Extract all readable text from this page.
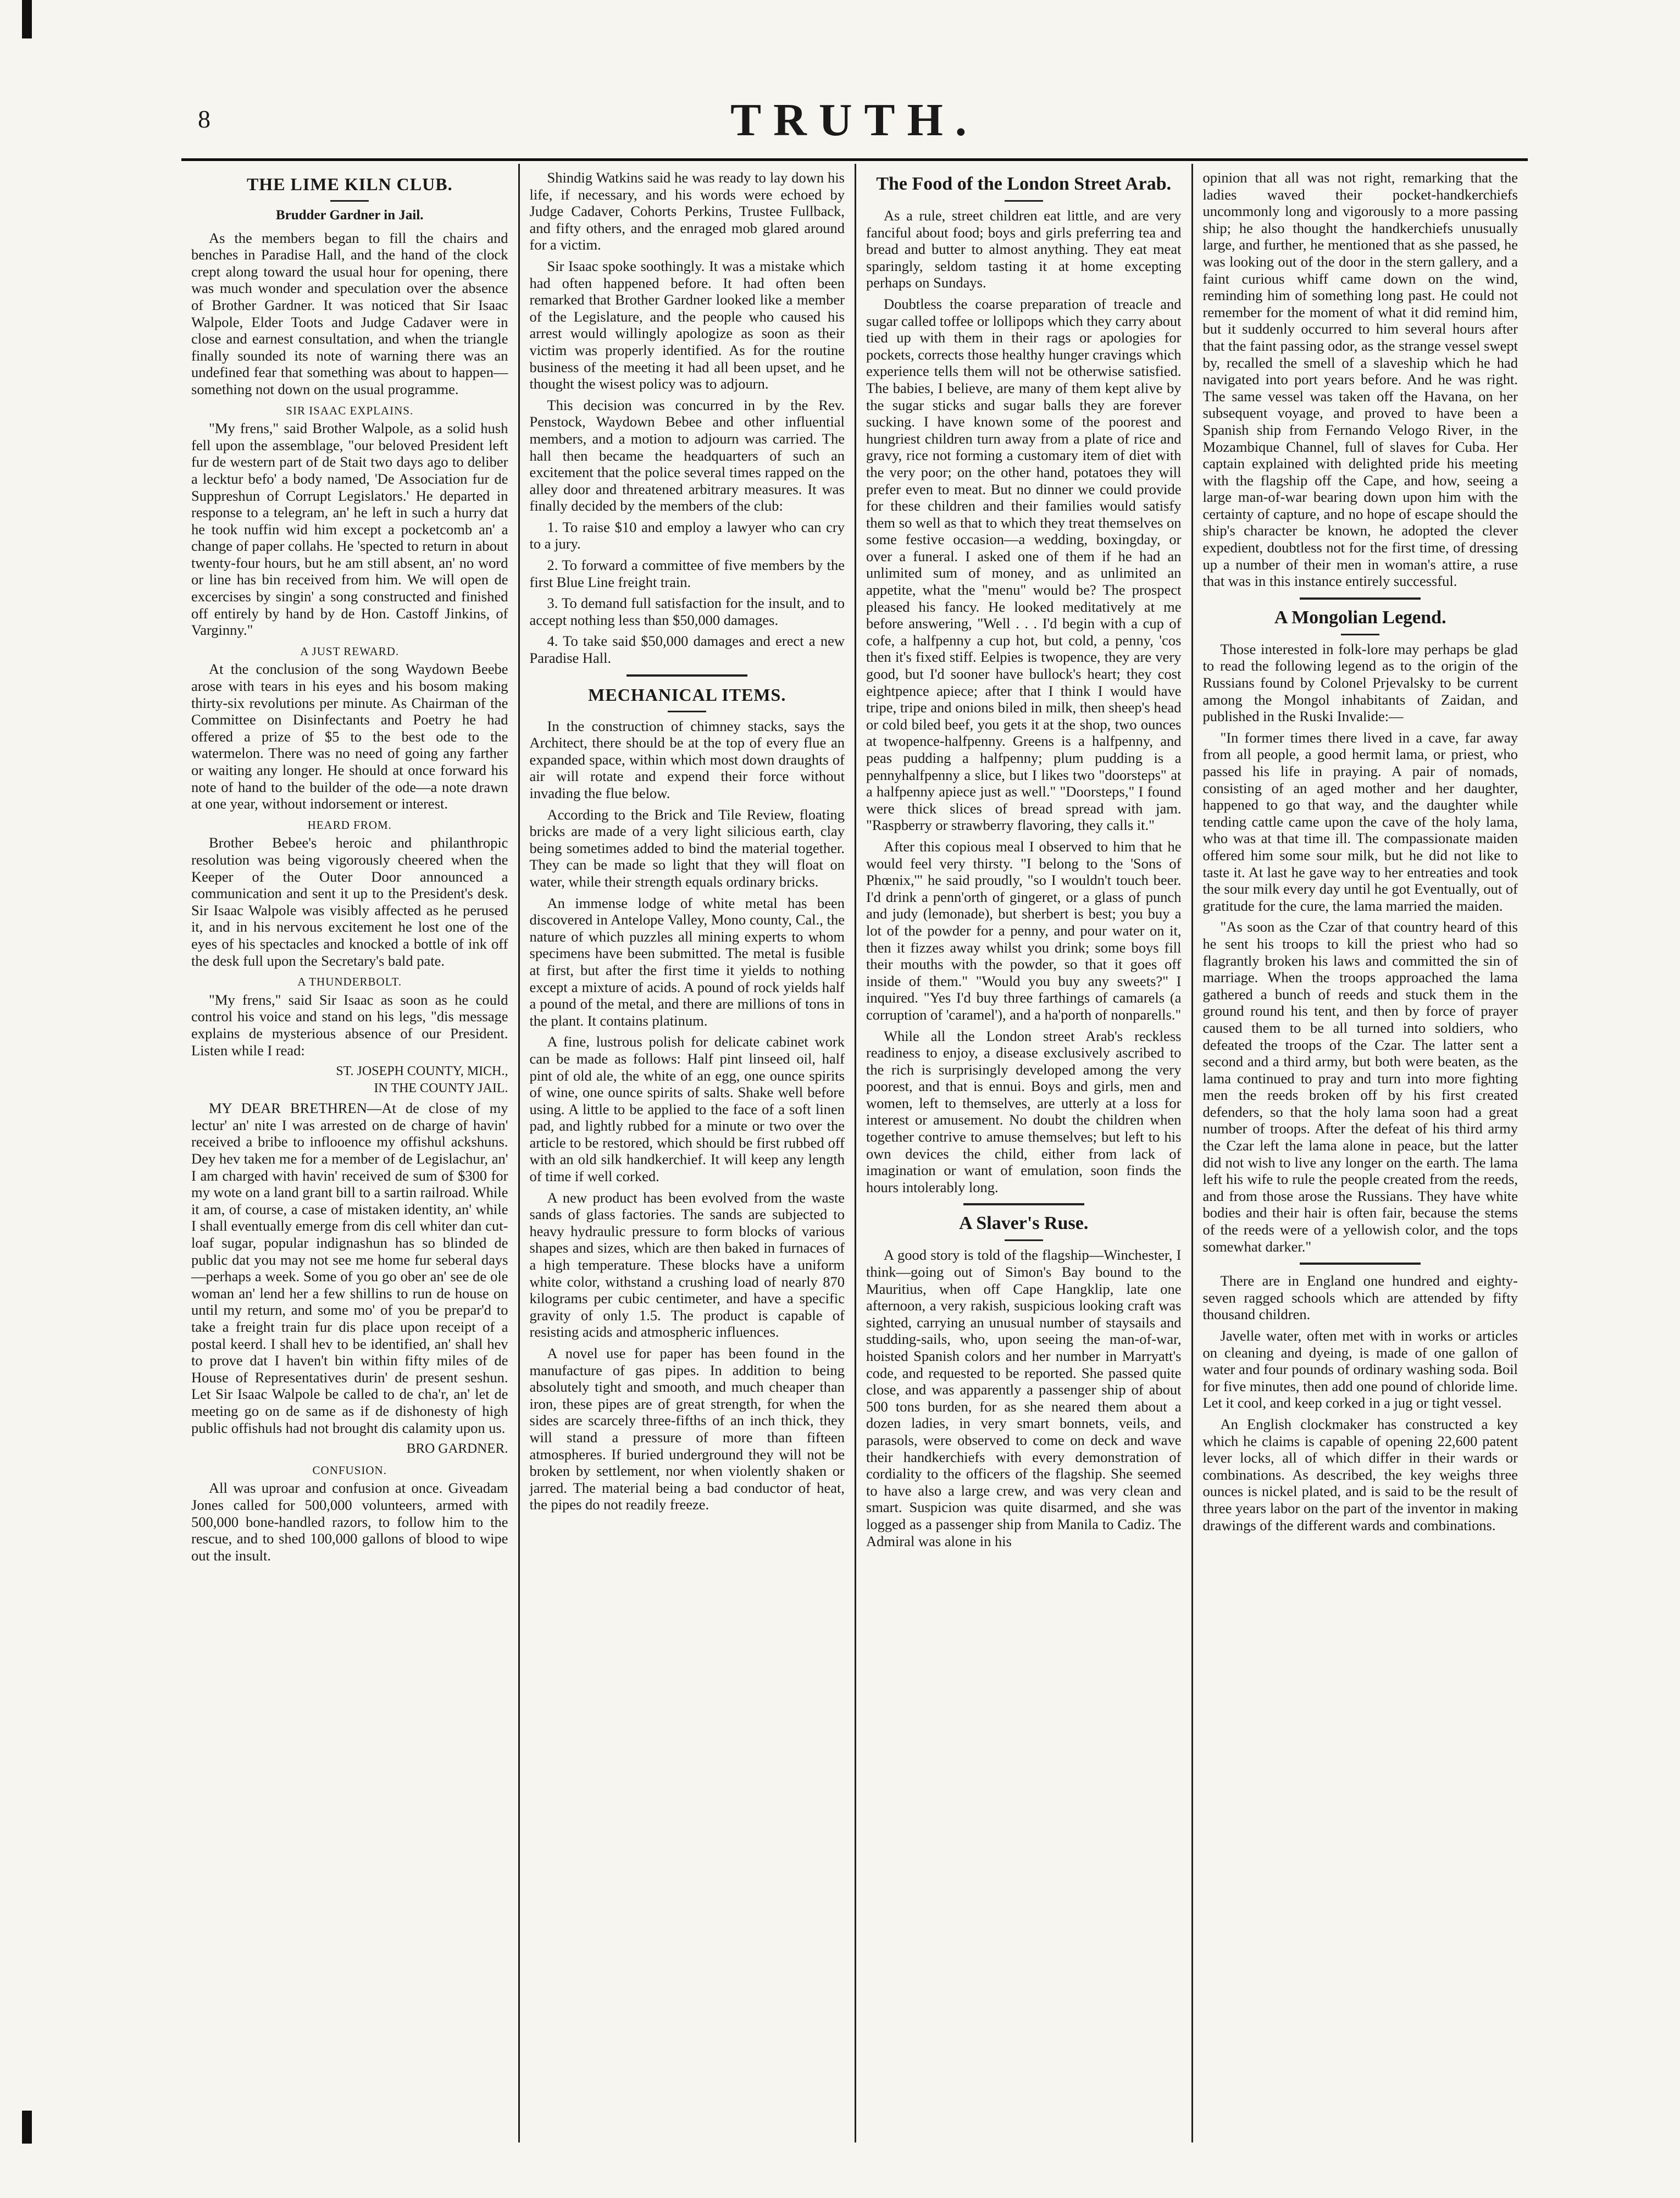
8	TRUTH.
THE LIME KILN CLUB.
Brudder Gardner in Jail.

As the members began to fill the chairs and benches in Paradise Hall, and the hand of the clock crept along toward the usual hour for opening, there was much wonder and speculation over the absence of Brother Gardner. It was noticed that Sir Isaac Walpole, Elder Toots and Judge Cadaver were in close and earnest consultation, and when the triangle finally sounded its note of warning there was an undefined fear that something was about to happen—something not down on the usual programme.

SIR ISAAC EXPLAINS.

"My frens," said Brother Walpole, as a solid hush fell upon the assemblage, "our beloved President left fur de western part of de Stait two days ago to deliber a lecktur befo' a body named, 'De Association fur de Suppreshun of Corrupt Legislators.' He departed in response to a telegram, an' he left in such a hurry dat he took nuffin wid him except a pocketcomb an' a change of paper collahs. He 'spected to return in about twenty-four hours, but he am still absent, an' no word or line has bin received from him. We will open de excercises by singin' a song constructed and finished off entirely by hand by de Hon. Castoff Jinkins, of Varginny."

A JUST REWARD.

At the conclusion of the song Waydown Beebe arose with tears in his eyes and his bosom making thirty-six revolutions per minute. As Chairman of the Committee on Disinfectants and Poetry he had offered a prize of $5 to the best ode to the watermelon. There was no need of going any farther or waiting any longer. He should at once forward his note of hand to the builder of the ode—a note drawn at one year, without indorsement or interest.

HEARD FROM.

Brother Bebee's heroic and philanthropic resolution was being vigorously cheered when the Keeper of the Outer Door announced a communication and sent it up to the President's desk. Sir Isaac Walpole was visibly affected as he perused it, and in his nervous excitement he lost one of the eyes of his spectacles and knocked a bottle of ink off the desk full upon the Secretary's bald pate.

A THUNDERBOLT.

"My frens," said Sir Isaac as soon as he could control his voice and stand on his legs, "dis message explains de mysterious absence of our President. Listen while I read:

ST. JOSEPH COUNTY, MICH.,
IN THE COUNTY JAIL.

MY DEAR BRETHREN—At de close of my lectur' an' nite I was arrested on de charge of havin' received a bribe to inflooence my offishul ackshuns. Dey hev taken me for a member of de Legislachur, an' I am charged with havin' received de sum of $300 for my wote on a land grant bill to a sartin railroad. While it am, of course, a case of mistaken identity, an' while I shall eventually emerge from dis cell whiter dan cut-loaf sugar, popular indignashun has so blinded de public dat you may not see me home fur seberal days—perhaps a week. Some of you go ober an' see de ole woman an' lend her a few shillins to run de house on until my return, and some mo' of you be prepar'd to take a freight train fur dis place upon receipt of a postal keerd. I shall hev to be identified, an' shall hev to prove dat I haven't bin within fifty miles of de House of Representatives durin' de present seshun. Let Sir Isaac Walpole be called to de cha'r, an' let de meeting go on de same as if de dishonesty of high public offishuls had not brought dis calamity upon us.

BRO GARDNER.
CONFUSION.

All was uproar and confusion at once. Giveadam Jones called for 500,000 volunteers, armed with 500,000 bone-handled razors, to follow him to the rescue, and to shed 100,000 gallons of blood to wipe out the insult.

Shindig Watkins said he was ready to lay down his life, if necessary, and his words were echoed by Judge Cadaver, Cohorts Perkins, Trustee Fullback, and fifty others, and the enraged mob glared around for a victim.

Sir Isaac spoke soothingly. It was a mistake which had often happened before. It had often been remarked that Brother Gardner looked like a member of the Legislature, and the people who caused his arrest would willingly apologize as soon as their victim was properly identified. As for the routine business of the meeting it had all been upset, and he thought the wisest policy was to adjourn.

This decision was concurred in by the Rev. Penstock, Waydown Bebee and other influential members, and a motion to adjourn was carried. The hall then became the headquarters of such an excitement that the police several times rapped on the alley door and threatened arbitrary measures. It was finally decided by the members of the club:

1. To raise $10 and employ a lawyer who can cry to a jury.

2. To forward a committee of five members by the first Blue Line freight train.

3. To demand full satisfaction for the insult, and to accept nothing less than $50,000 damages.

4. To take said $50,000 damages and erect a new Paradise Hall.

MECHANICAL ITEMS.

In the construction of chimney stacks, says the Architect, there should be at the top of every flue an expanded space, within which most down draughts of air will rotate and expend their force without invading the flue below.

According to the Brick and Tile Review, floating bricks are made of a very light silicious earth, clay being sometimes added to bind the material together. They can be made so light that they will float on water, while their strength equals ordinary bricks.

An immense lodge of white metal has been discovered in Antelope Valley, Mono county, Cal., the nature of which puzzles all mining experts to whom specimens have been submitted. The metal is fusible at first, but after the first time it yields to nothing except a mixture of acids. A pound of rock yields half a pound of the metal, and there are millions of tons in the plant. It contains platinum.

A fine, lustrous polish for delicate cabinet work can be made as follows: Half pint linseed oil, half pint of old ale, the white of an egg, one ounce spirits of wine, one ounce spirits of salts. Shake well before using. A little to be applied to the face of a soft linen pad, and lightly rubbed for a minute or two over the article to be restored, which should be first rubbed off with an old silk handkerchief. It will keep any length of time if well corked.

A new product has been evolved from the waste sands of glass factories. The sands are subjected to heavy hydraulic pressure to form blocks of various shapes and sizes, which are then baked in furnaces of a high temperature. These blocks have a uniform white color, withstand a crushing load of nearly 870 kilograms per cubic centimeter, and have a specific gravity of only 1.5. The product is capable of resisting acids and atmospheric influences.

A novel use for paper has been found in the manufacture of gas pipes. In addition to being absolutely tight and smooth, and much cheaper than iron, these pipes are of great strength, for when the sides are scarcely three-fifths of an inch thick, they will stand a pressure of more than fifteen atmospheres. If buried underground they will not be broken by settlement, nor when violently shaken or jarred. The material being a bad conductor of heat, the pipes do not readily freeze.

The Food of the London Street Arab.

As a rule, street children eat little, and are very fanciful about food; boys and girls preferring tea and bread and butter to almost anything. They eat meat sparingly, seldom tasting it at home excepting perhaps on Sundays.

Doubtless the coarse preparation of treacle and sugar called toffee or lollipops which they carry about tied up with them in their rags or apologies for pockets, corrects those healthy hunger cravings which experience tells them will not be otherwise satisfied. The babies, I believe, are many of them kept alive by the sugar sticks and sugar balls they are forever sucking. I have known some of the poorest and hungriest children turn away from a plate of rice and gravy, rice not forming a customary item of diet with the very poor; on the other hand, potatoes they will prefer even to meat. But no dinner we could provide for these children and their families would satisfy them so well as that to which they treat themselves on some festive occasion—a wedding, boxingday, or over a funeral. I asked one of them if he had an unlimited sum of money, and as unlimited an appetite, what the "menu" would be? The prospect pleased his fancy. He looked meditatively at me before answering, "Well . . . I'd begin with a cup of cofe, a halfpenny a cup hot, but cold, a penny, 'cos then it's fixed stiff. Eelpies is twopence, they are very good, but I'd sooner have bullock's heart; they cost eightpence apiece; after that I think I would have tripe, tripe and onions biled in milk, then sheep's head or cold biled beef, you gets it at the shop, two ounces at twopence-halfpenny. Greens is a halfpenny, and peas pudding a halfpenny; plum pudding is a pennyhalfpenny a slice, but I likes two "doorsteps" at a halfpenny apiece just as well." "Doorsteps," I found were thick slices of bread spread with jam. "Raspberry or strawberry flavoring, they calls it."

After this copious meal I observed to him that he would feel very thirsty. "I belong to the 'Sons of Phœnix,'" he said proudly, "so I wouldn't touch beer. I'd drink a penn'orth of gingeret, or a glass of punch and judy (lemonade), but sherbert is best; you buy a lot of the powder for a penny, and pour water on it, then it fizzes away whilst you drink; some boys fill their mouths with the powder, so that it goes off inside of them." "Would you buy any sweets?" I inquired. "Yes I'd buy three farthings of camarels (a corruption of 'caramel'), and a ha'porth of nonparells."

While all the London street Arab's reckless readiness to enjoy, a disease exclusively ascribed to the rich is surprisingly developed among the very poorest, and that is ennui. Boys and girls, men and women, left to themselves, are utterly at a loss for interest or amusement. No doubt the children when together contrive to amuse themselves; but left to his own devices the child, either from lack of imagination or want of emulation, soon finds the hours intolerably long.

A Slaver's Ruse.

A good story is told of the flagship—Winchester, I think—going out of Simon's Bay bound to the Mauritius, when off Cape Hangklip, late one afternoon, a very rakish, suspicious looking craft was sighted, carrying an unusual number of staysails and studding-sails, who, upon seeing the man-of-war, hoisted Spanish colors and her number in Marryatt's code, and requested to be reported. She passed quite close, and was apparently a passenger ship of about 500 tons burden, for as she neared them about a dozen ladies, in very smart bonnets, veils, and parasols, were observed to come on deck and wave their handkerchiefs with every demonstration of cordiality to the officers of the flagship. She seemed to have also a large crew, and was very clean and smart. Suspicion was quite disarmed, and she was logged as a passenger ship from Manila to Cadiz. The Admiral was alone in his

opinion that all was not right, remarking that the ladies waved their pocket-handkerchiefs uncommonly long and vigorously to a more passing ship; he also thought the handkerchiefs unusually large, and further, he mentioned that as she passed, he was looking out of the door in the stern gallery, and a faint curious whiff came down on the wind, reminding him of something long past. He could not remember for the moment of what it did remind him, but it suddenly occurred to him several hours after that the faint passing odor, as the strange vessel swept by, recalled the smell of a slaveship which he had navigated into port years before. And he was right. The same vessel was taken off the Havana, on her subsequent voyage, and proved to have been a Spanish ship from Fernando Velogo River, in the Mozambique Channel, full of slaves for Cuba. Her captain explained with delighted pride his meeting with the flagship off the Cape, and how, seeing a large man-of-war bearing down upon him with the certainty of capture, and no hope of escape should the ship's character be known, he adopted the clever expedient, doubtless not for the first time, of dressing up a number of their men in woman's attire, a ruse that was in this instance entirely successful.

A Mongolian Legend.

Those interested in folk-lore may perhaps be glad to read the following legend as to the origin of the Russians found by Colonel Prjevalsky to be current among the Mongol inhabitants of Zaidan, and published in the Ruski Invalide:—

"In former times there lived in a cave, far away from all people, a good hermit lama, or priest, who passed his life in praying. A pair of nomads, consisting of an aged mother and her daughter, happened to go that way, and the daughter while tending cattle came upon the cave of the holy lama, who was at that time ill. The compassionate maiden offered him some sour milk, but he did not like to taste it. At last he gave way to her entreaties and took the sour milk every day until he got Eventually, out of gratitude for the cure, the lama married the maiden.

"As soon as the Czar of that country heard of this he sent his troops to kill the priest who had so flagrantly broken his laws and committed the sin of marriage. When the troops approached the lama gathered a bunch of reeds and stuck them in the ground round his tent, and then by force of prayer caused them to be all turned into soldiers, who defeated the troops of the Czar. The latter sent a second and a third army, but both were beaten, as the lama continued to pray and turn into more fighting men the reeds broken off by his first created defenders, so that the holy lama soon had a great number of troops. After the defeat of his third army the Czar left the lama alone in peace, but the latter did not wish to live any longer on the earth. The lama left his wife to rule the people created from the reeds, and from those arose the Russians. They have white bodies and their hair is often fair, because the stems of the reeds were of a yellowish color, and the tops somewhat darker."

There are in England one hundred and eighty-seven ragged schools which are attended by fifty thousand children.

Javelle water, often met with in works or articles on cleaning and dyeing, is made of one gallon of water and four pounds of ordinary washing soda. Boil for five minutes, then add one pound of chloride lime. Let it cool, and keep corked in a jug or tight vessel.

An English clockmaker has constructed a key which he claims is capable of opening 22,600 patent lever locks, all of which differ in their wards or combinations. As described, the key weighs three ounces is nickel plated, and is said to be the result of three years labor on the part of the inventor in making drawings of the different wards and combinations.
